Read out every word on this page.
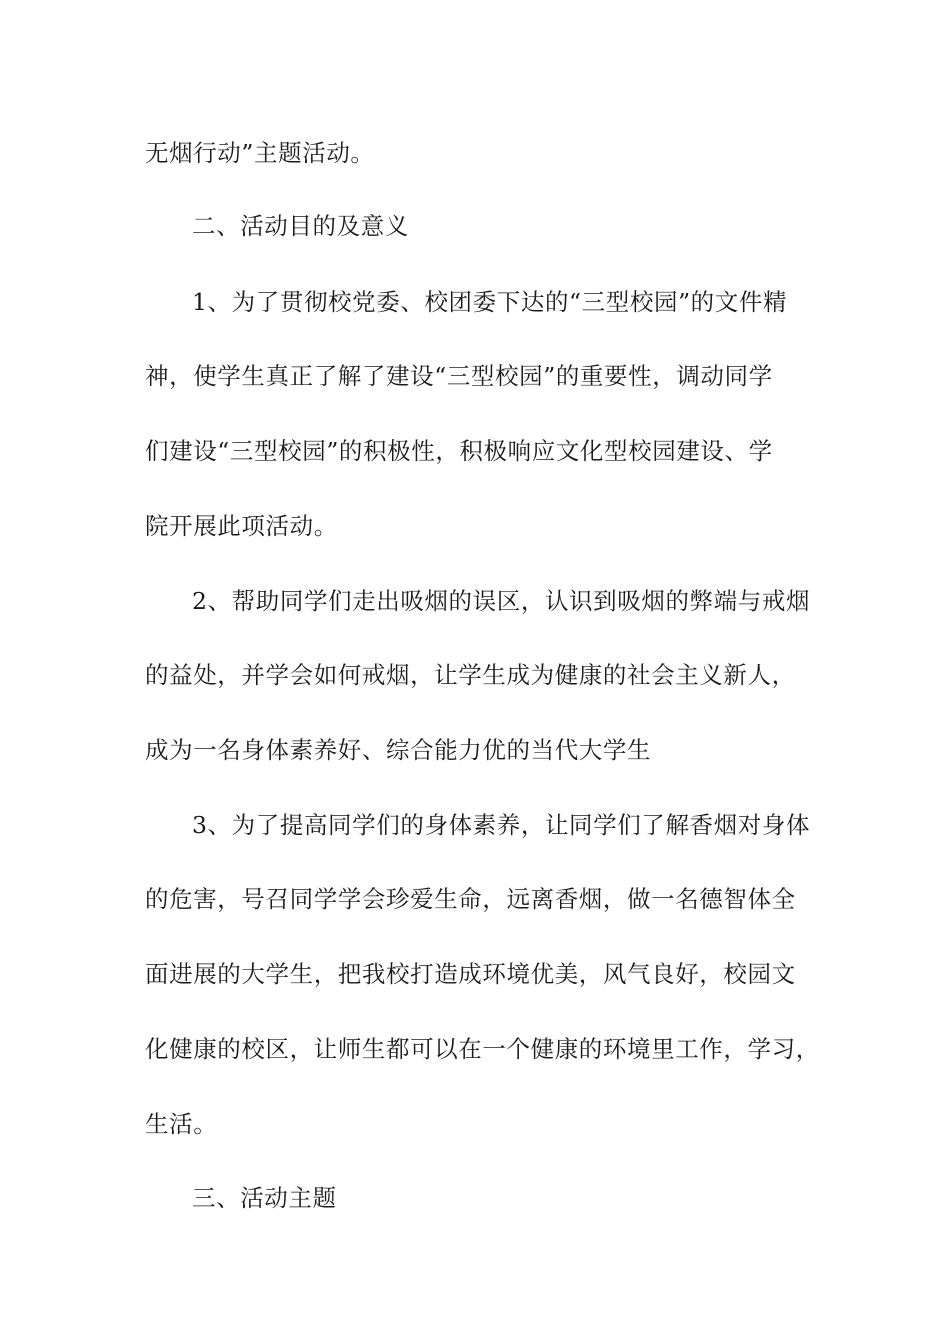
无烟行动”主题活动。
二、活动目的及意义
1、为了贯彻校党委、校团委下达的“三型校园”的文件精
神，使学生真正了解了建设“三型校园”的重要性，调动同学
们建设“三型校园”的积极性，积极响应文化型校园建设、学
院开展此项活动。
2、帮助同学们走出吸烟的误区，认识到吸烟的弊端与戒烟
的益处，并学会如何戒烟，让学生成为健康的社会主义新人，
成为一名身体素养好、综合能力优的当代大学生
3、为了提高同学们的身体素养，让同学们了解香烟对身体
的危害，号召同学学会珍爱生命，远离香烟，做一名德智体全
面进展的大学生，把我校打造成环境优美，风气良好，校园文
化健康的校区，让师生都可以在一个健康的环境里工作，学习，
生活。
三、活动主题
